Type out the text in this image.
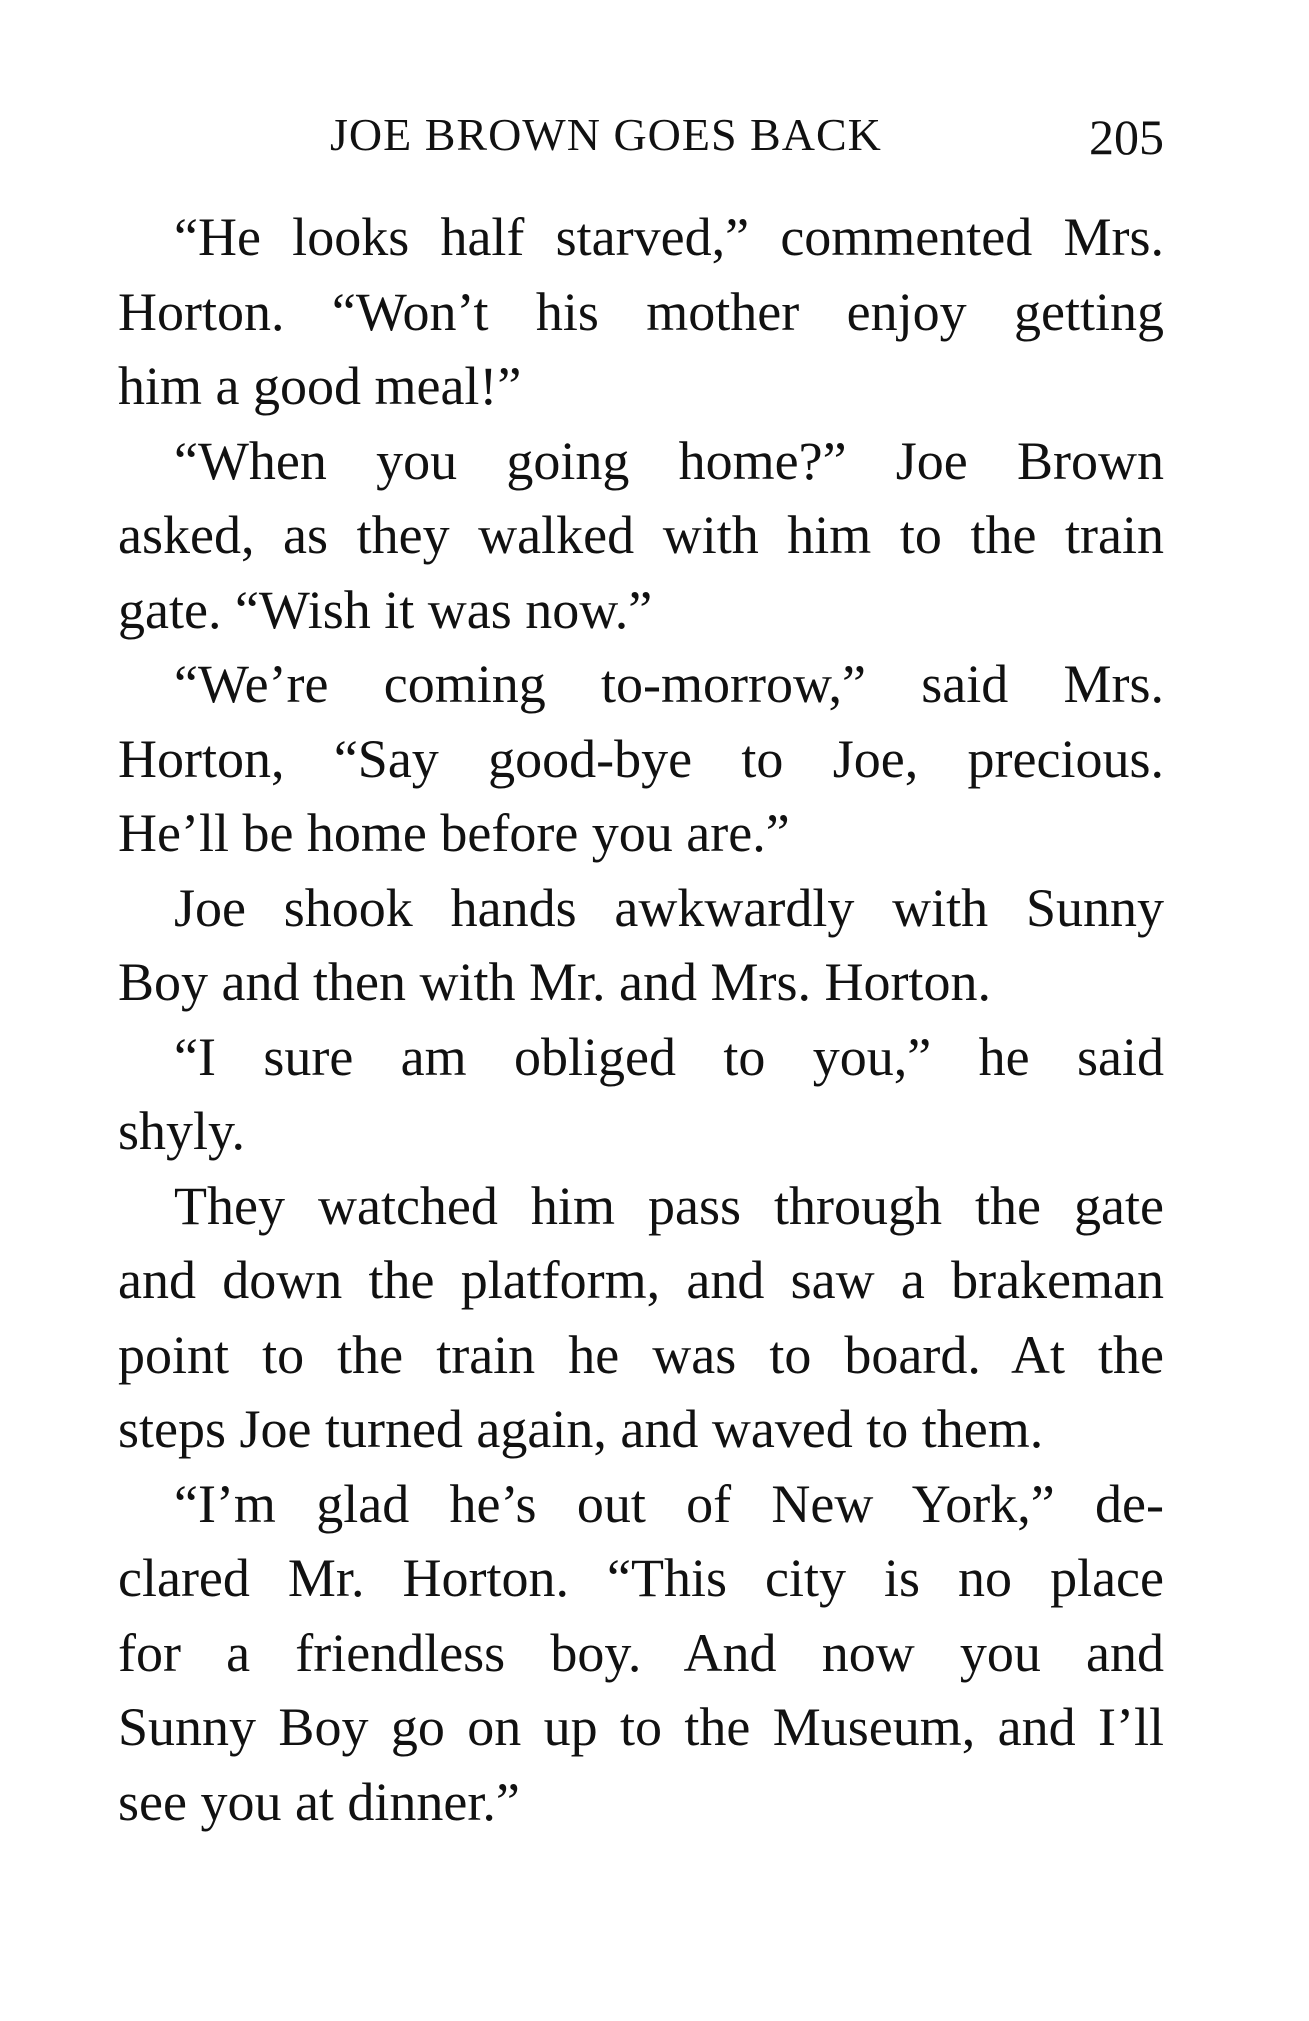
JOE BROWN GOES BACK	205

“He looks half starved,” commented Mrs.
Horton. “Won’t his mother enjoy getting
him a good meal!”

“When you going home?” Joe Brown
asked, as they walked with him to the train
gate. “Wish it was now.”

“We’re coming to-morrow,” said Mrs.
Horton, “Say good-bye to Joe, precious.
He’ll be home before you are.”

Joe shook hands awkwardly with Sunny
Boy and then with Mr. and Mrs. Horton.

“I sure am obliged to you,” he said
shyly.

They watched him pass through the gate
and down the platform, and saw a brakeman
point to the train he was to board. At the
steps Joe turned again, and waved to them.

“I’m glad he’s out of New York,” de-
clared Mr. Horton. “This city is no place
for a friendless boy. And now you and
Sunny Boy go on up to the Museum, and I’ll
see you at dinner.”
